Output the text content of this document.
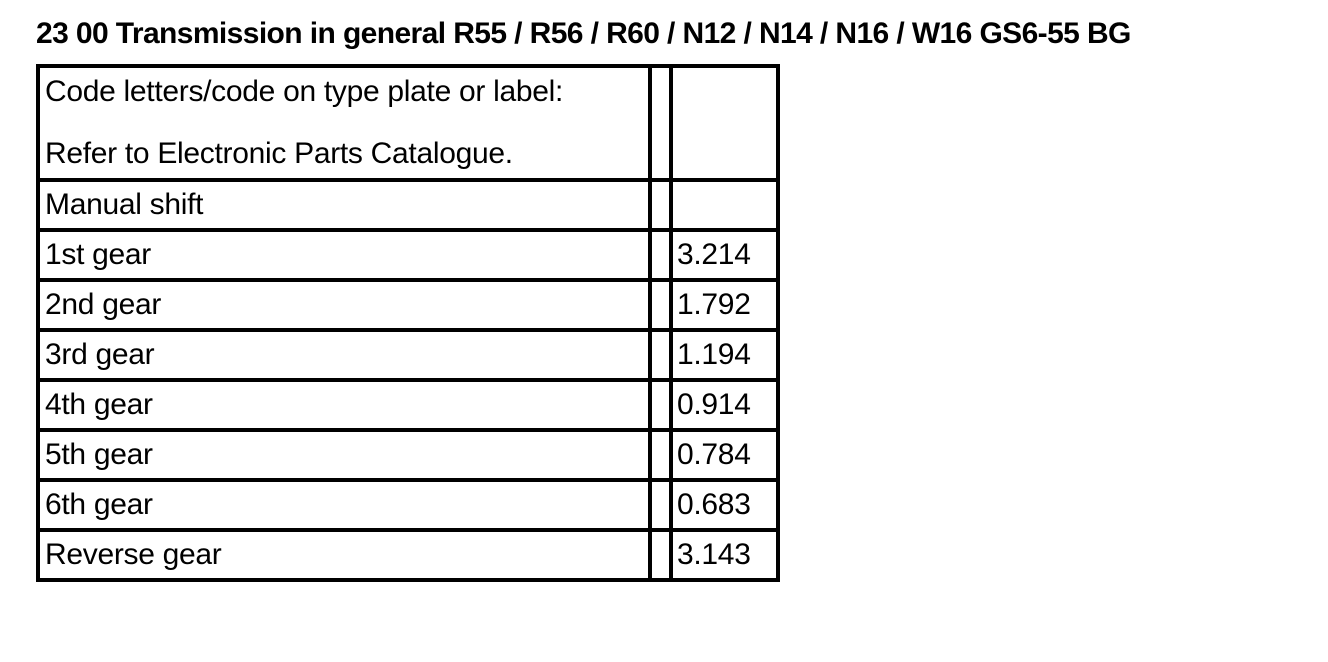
23 00 Transmission in general R55 / R56 / R60 / N12 / N14 / N16 / W16 GS6-55 BG
Code letters/code on type plate or label:
Refer to Electronic Parts Catalogue.		

Manual shift		
1st gear		3.214
2nd gear		1.792
3rd gear		1.194
4th gear		0.914
5th gear		0.784
6th gear		0.683
Reverse gear		3.143
